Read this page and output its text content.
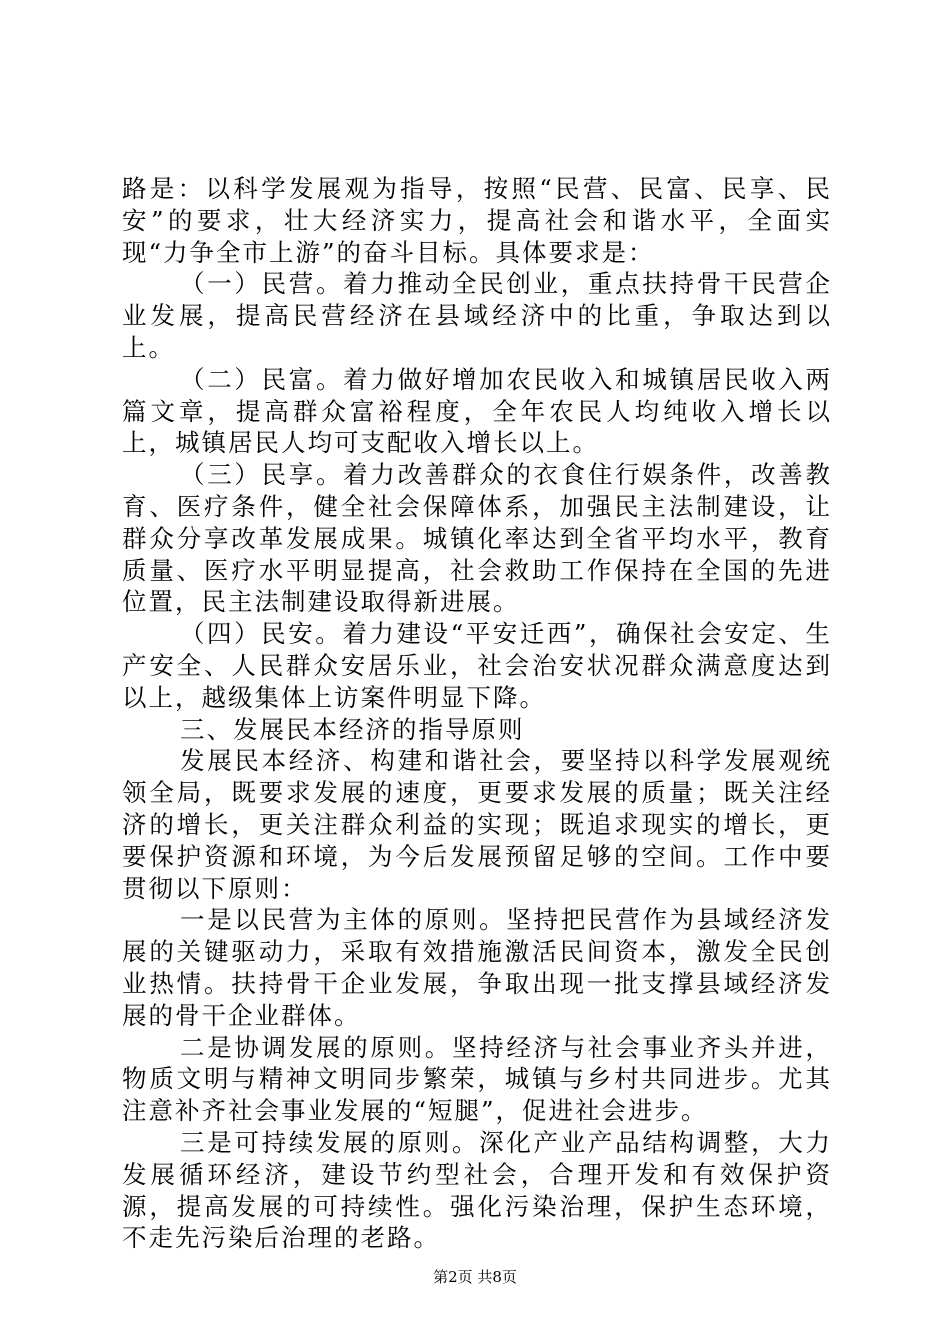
路是：以科学发展观为指导，按照“民营、民富、民享、民安”的要求，壮大经济实力，提高社会和谐水平，全面实现“力争全市上游”的奋斗目标。具体要求是：

（一）民营。着力推动全民创业，重点扶持骨干民营企业发展，提高民营经济在县域经济中的比重，争取达到以上。

（二）民富。着力做好增加农民收入和城镇居民收入两篇文章，提高群众富裕程度，全年农民人均纯收入增长以上，城镇居民人均可支配收入增长以上。

（三）民享。着力改善群众的衣食住行娱条件，改善教育、医疗条件，健全社会保障体系，加强民主法制建设，让群众分享改革发展成果。城镇化率达到全省平均水平，教育质量、医疗水平明显提高，社会救助工作保持在全国的先进位置，民主法制建设取得新进展。

（四）民安。着力建设“平安迁西”，确保社会安定、生产安全、人民群众安居乐业，社会治安状况群众满意度达到以上，越级集体上访案件明显下降。

三、发展民本经济的指导原则

发展民本经济、构建和谐社会，要坚持以科学发展观统领全局，既要求发展的速度，更要求发展的质量；既关注经济的增长，更关注群众利益的实现；既追求现实的增长，更要保护资源和环境，为今后发展预留足够的空间。工作中要贯彻以下原则：

一是以民营为主体的原则。坚持把民营作为县域经济发展的关键驱动力，采取有效措施激活民间资本，激发全民创业热情。扶持骨干企业发展，争取出现一批支撑县域经济发展的骨干企业群体。

二是协调发展的原则。坚持经济与社会事业齐头并进，物质文明与精神文明同步繁荣，城镇与乡村共同进步。尤其注意补齐社会事业发展的“短腿”，促进社会进步。

三是可持续发展的原则。深化产业产品结构调整，大力发展循环经济，建设节约型社会，合理开发和有效保护资源，提高发展的可持续性。强化污染治理，保护生态环境，不走先污染后治理的老路。

第2页 共8页
